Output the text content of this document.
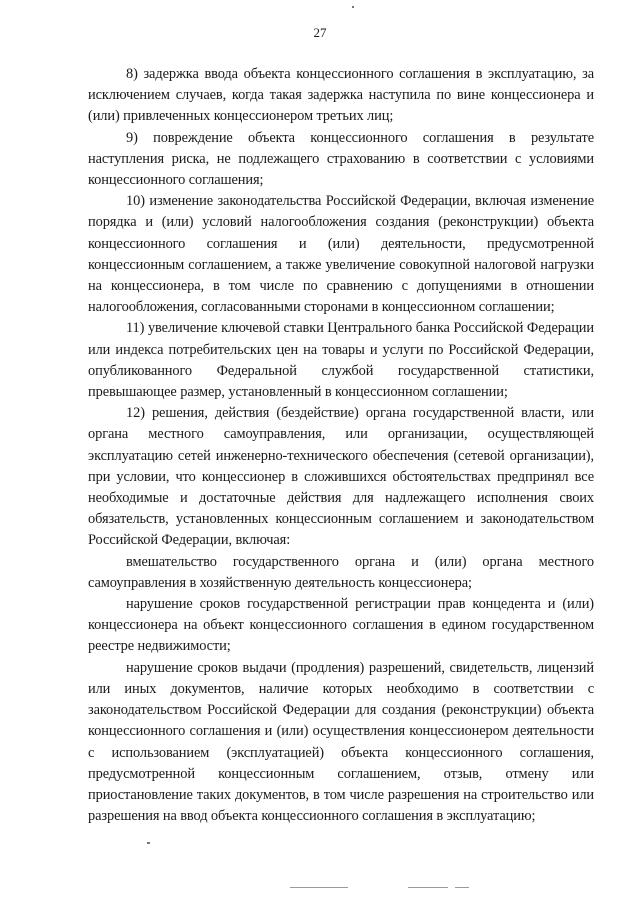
27

8) задержка ввода объекта концессионного соглашения в эксплуатацию, за исключением случаев, когда такая задержка наступила по вине концессионера и (или) привлеченных концессионером третьих лиц;

9) повреждение объекта концессионного соглашения в результате наступления риска, не подлежащего страхованию в соответствии с условиями концессионного соглашения;

10) изменение законодательства Российской Федерации, включая изменение порядка и (или) условий налогообложения создания (реконструкции) объекта концессионного соглашения и (или) деятельности, предусмотренной концессионным соглашением, а также увеличение совокупной налоговой нагрузки на концессионера, в том числе по сравнению с допущениями в отношении налогообложения, согласованными сторонами в концессионном соглашении;

11) увеличение ключевой ставки Центрального банка Российской Федерации или индекса потребительских цен на товары и услуги по Российской Федерации, опубликованного Федеральной службой государственной статистики, превышающее размер, установленный в концессионном соглашении;

12) решения, действия (бездействие) органа государственной власти, или органа местного самоуправления, или организации, осуществляющей эксплуатацию сетей инженерно-технического обеспечения (сетевой организации), при условии, что концессионер в сложившихся обстоятельствах предпринял все необходимые и достаточные действия для надлежащего исполнения своих обязательств, установленных концессионным соглашением и законодательством Российской Федерации, включая:

вмешательство государственного органа и (или) органа местного самоуправления в хозяйственную деятельность концессионера;

нарушение сроков государственной регистрации прав концедента и (или) концессионера на объект концессионного соглашения в едином государственном реестре недвижимости;

нарушение сроков выдачи (продления) разрешений, свидетельств, лицензий или иных документов, наличие которых необходимо в соответствии с законодательством Российской Федерации для создания (реконструкции) объекта концессионного соглашения и (или) осуществления концессионером деятельности с использованием (эксплуатацией) объекта концессионного соглашения, предусмотренной концессионным соглашением, отзыв, отмену или приостановление таких документов, в том числе разрешения на строительство или разрешения на ввод объекта концессионного соглашения в эксплуатацию;
